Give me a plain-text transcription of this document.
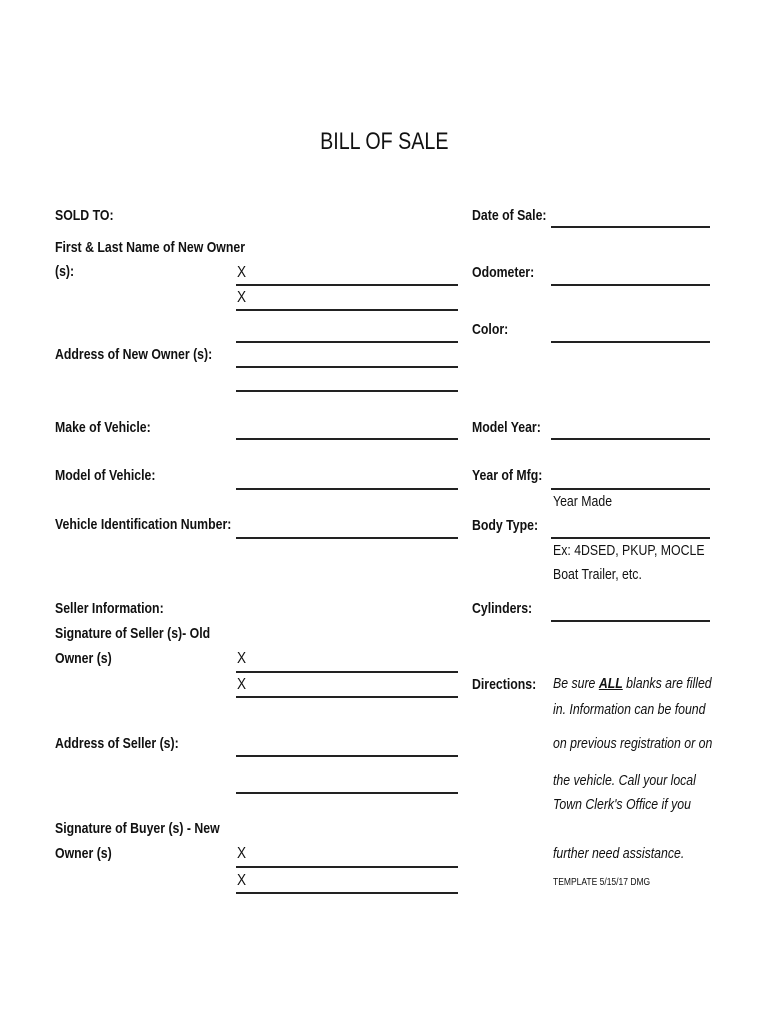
BILL OF SALE
SOLD TO:
First & Last Name of New Owner
(s):	X
X
Address of New Owner (s):
Make of Vehicle:
Model of Vehicle:
Vehicle Identification Number:
Seller Information:
Signature of Seller (s)- Old
Owner (s)	X
X
Address of Seller (s):
Signature of Buyer (s) - New
Owner (s)	X
X
Date of Sale:
Odometer:
Color:
Model Year:
Year of Mfg:
Year Made
Body Type:
Ex: 4DSED, PKUP, MOCLE
Boat Trailer, etc.
Cylinders:
Directions: Be sure ALL blanks are filled
in. Information can be found
on previous registration or on
the vehicle. Call your local
Town Clerk's Office if you
further need assistance.
TEMPLATE 5/15/17 DMG
